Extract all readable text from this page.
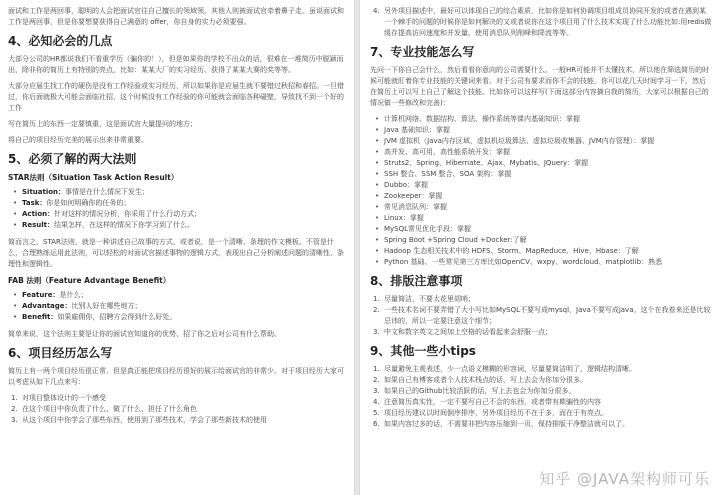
面试和工作是两回事，聪明的人会把面试官往自己擅长的领域领，其他人则被面试官牵着鼻子走。虽说面试和工作是两回事，但是你要想要获得自己满意的 offer，你自身的实力必须要强。

4、必知必会的几点

大部分公司的HR都说我们不看重学历（骗你的！），但是如果你的学校不出众的话，很难在一堆简历中脱颖而出，除非你的简历上有特别的亮点，比如：某某大厂的实习经历、获得了某某大赛的奖等等。

大部分应届生找工作的硬伤是没有工作经验或实习经历，所以如果你是应届生就不要错过秋招和春招。一旦错过，你后面就极大可能会面临社招，这个时候没有工作经验的你可能就会面临各种碰壁，导致找不到一个好的工作

写在简历上的东西一定要慎重，这是面试官大量提问的地方；

将自己的项目经历完美的展示出来非常重要。

5、必须了解的两大法则
STAR法则（Situation Task Action Result）
• Situation：事情是在什么情况下发生；
• Task：你是如何明确你的任务的；
• Action：针对这样的情况分析，你采用了什么行动方式；
• Result：结果怎样，在这样的情况下你学习到了什么。

简而言之，STAR法则，就是一种讲述自己故事的方式，或者说，是一个清晰、条理的作文模板。不管是什么，合理熟练运用此法则，可以轻松的对面试官描述事物的逻辑方式，表现出自己分析阐述问题的清晰性、条理性和逻辑性。

FAB 法则（Feature Advantage Benefit）
• Feature：是什么；
• Advantage：比别人好在哪些地方；
• Benefit：如果雇佣你，招聘方会得到什么好处。

简单来说，这个法则主要是让你的面试官知道你的优势、招了你之后对公司有什么帮助。

6、项目经历怎么写

简历上有一两个项目经历很正常，但是真正能把项目经历很好的展示给面试官的非常少。对于项目经历大家可以考虑从如下几点来写：

1. 对项目整体设计的一个感受
2. 在这个项目中你负责了什么、做了什么、担任了什么角色
3. 从这个项目中你学会了那些东西，使用到了那些技术，学会了那些新技术的使用
4. 另外项目描述中，最好可以体现自己的综合素质，比如你是如何协调项目组成员协同开发的或者在遇到某一个棘手的问题的时候你是如何解决的又或者说你在这个项目用了什么技术实现了什么功能比如:用redis做缓存提高访问速度和并发量、使用消息队列削峰和降流等等。
7、专业技能怎么写

先问一下你自己会什么，然后看看你意向的公司需要什么。一般HR可能并不太懂技术，所以他在筛选简历的时候可能就盯着你专业技能的关键词来看。对于公司有要求而你不会的技能，你可以花几天时间学习一下，然后在简历上可以写上自己了解这个技能。比如你可以这样写(下面这部分内容摘自我的简历，大家可以根据自己的情况做一些修改和完善)：

• 计算机网络、数据结构、算法、操作系统等课内基础知识：掌握
• Java 基础知识：掌握
• JVM 虚拟机（Java内存区域、虚拟机垃圾算法、虚拟垃圾收集器、JVM内存管理）：掌握
• 高并发、高可用、高性能系统开发：掌握
• Struts2、Spring、Hibernate、Ajax、Mybatis、JQuery：掌握
• SSH 整合、SSM 整合、SOA 架构：掌握
• Dubbo：掌握
• Zookeeper：掌握
• 常见消息队列：掌握
• Linux：掌握
• MySQL常见优化手段：掌握
• Spring Boot +Spring Cloud +Docker:了解
• Hadoop 生态相关技术中的 HDFS、Storm、MapReduce、Hive、Hbase：了解
• Python 基础、一些常见第三方库比如OpenCV、wxpy、wordcloud、matplotlib：熟悉
8、排版注意事项
1. 尽量简洁，不要太花里胡哨；
2. 一些技术名词不要弄错了大小写比如MySQL不要写成mysql，Java不要写成java。这个在我看来还是比较忌讳的，所以一定要注意这个细节；
3. 中文和数字英文之间加上空格的话看起来会舒服一点；
9、其他一些小tips
1. 尽量避免主观表述，少一点语义模糊的形容词，尽量要简洁明了，逻辑结构清晰。
2. 如果自己有博客或者个人技术栈点的话，写上去会为你加分很多。
3. 如果自己的Github比较活跃的话，写上去也会为你加分很多。
4. 注意简历真实性，一定不要写自己不会的东西，或者带有欺骗性的内容
5. 项目经历建议以时间倒序排序，另外项目经历不在于多，而在于有亮点。
6. 如果内容过多的话，不需要非把内容压缩到一页，保持排版干净整洁就可以了。
知乎 @JAVA架构师可乐
